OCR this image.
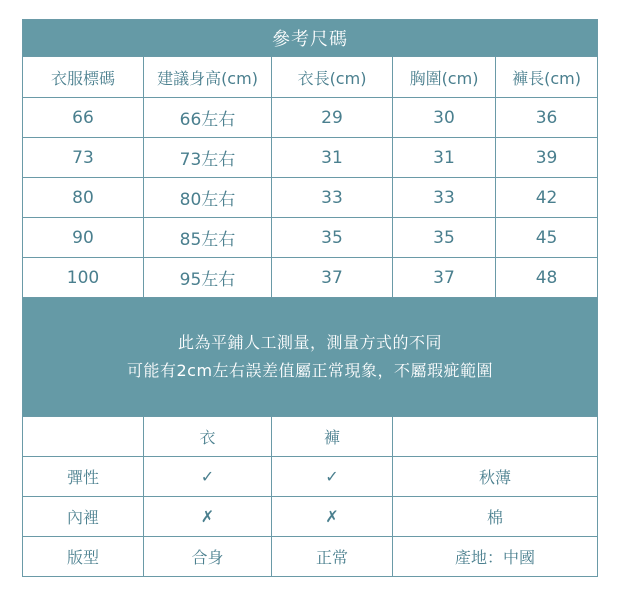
參考尺碼				
衣服標碼	建議身高(cm)	衣長(cm)	胸圍(cm)	褲長(cm)
66	66左右	29	30	36
73	73左右	31	31	39
80	80左右	33	33	42
90	85左右	35	35	45
100	95左右	37	37	48

此為平鋪人工測量，測量方式的不同
可能有2cm左右誤差值屬正常現象，不屬瑕疵範圍				

	衣	褲		
彈性	✓	✓	秋薄	
內裡	✗	✗	棉	
版型	合身	正常	產地：中國	
